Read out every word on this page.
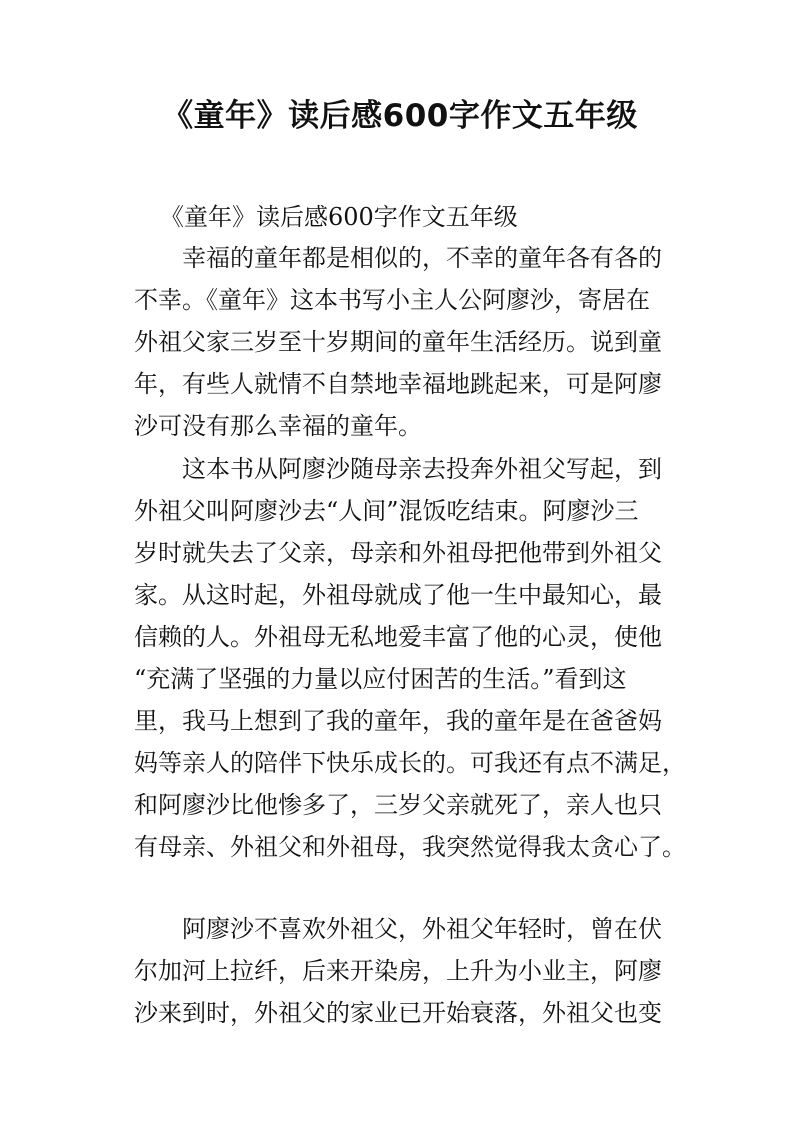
《童年》读后感600字作文五年级
《童年》读后感600字作文五年级
幸福的童年都是相似的，不幸的童年各有各的
不幸。《童年》这本书写小主人公阿廖沙，寄居在
外祖父家三岁至十岁期间的童年生活经历。说到童
年，有些人就情不自禁地幸福地跳起来，可是阿廖
沙可没有那么幸福的童年。
这本书从阿廖沙随母亲去投奔外祖父写起，到
外祖父叫阿廖沙去“人间”混饭吃结束。阿廖沙三
岁时就失去了父亲，母亲和外祖母把他带到外祖父
家。从这时起，外祖母就成了他一生中最知心，最
信赖的人。外祖母无私地爱丰富了他的心灵，使他
“充满了坚强的力量以应付困苦的生活。”看到这
里，我马上想到了我的童年，我的童年是在爸爸妈
妈等亲人的陪伴下快乐成长的。可我还有点不满足，
和阿廖沙比他惨多了，三岁父亲就死了，亲人也只
有母亲、外祖父和外祖母，我突然觉得我太贪心了。
阿廖沙不喜欢外祖父，外祖父年轻时，曾在伏
尔加河上拉纤，后来开染房，上升为小业主，阿廖
沙来到时，外祖父的家业已开始衰落，外祖父也变
